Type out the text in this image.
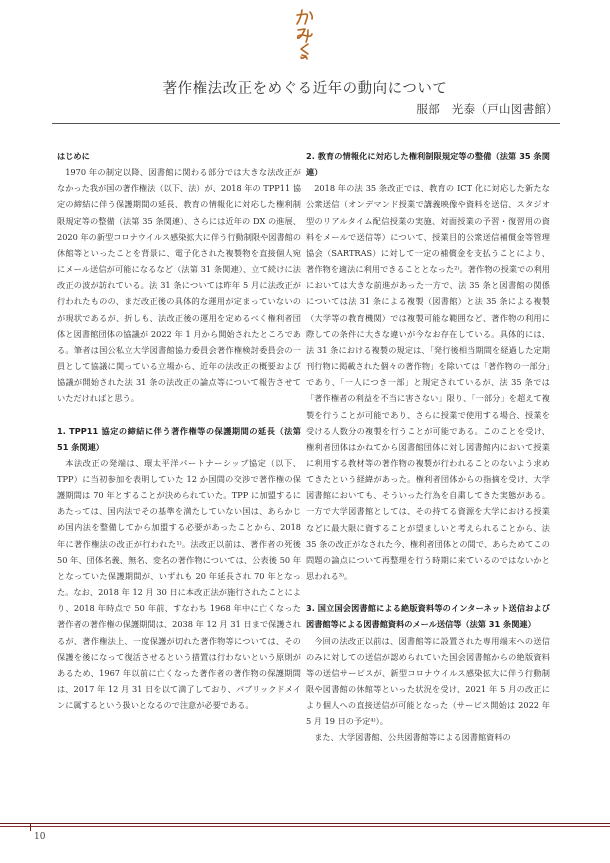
著作権法改正をめぐる近年の動向について
服部　光泰（戸山図書館）
はじめに

1970 年の制定以降、図書館に関わる部分では大きな法改正がなかった我が国の著作権法（以下、法）が、2018 年の TPP11 協定の締結に伴う保護期間の延長、教育の情報化に対応した権利制限規定等の整備（法第 35 条関連）、さらには近年の DX の進展、2020 年の新型コロナウイルス感染拡大に伴う行動制限や図書館の休館等といったことを背景に、電子化された複製物を直接個人宛にメール送信が可能になるなど（法第 31 条関連）、立て続けに法改正の波が訪れている。法 31 条については昨年 5 月に法改正が行われたものの、まだ改正後の具体的な運用が定まっていないのが現状であるが、折しも、法改正後の運用を定めるべく権利者団体と図書館団体の協議が 2022 年 1 月から開始されたところである。筆者は国公私立大学図書館協力委員会著作権検討委員会の一員として協議に関っている立場から、近年の法改正の概要および協議が開始された法 31 条の法改正の論点等について報告させていただければと思う。

1. TPP11 協定の締結に伴う著作権等の保護期間の延長（法第 51 条関連）

本法改正の発端は、環太平洋パートナーシップ協定（以下、TPP）に当初参加を表明していた 12 か国間の交渉で著作権の保護期間は 70 年とすることが決められていた。TPP に加盟するにあたっては、国内法でその基準を満たしていない国は、あらかじめ国内法を整備してから加盟する必要があったことから、2018 年に著作権法の改正が行われた¹⁾。法改正以前は、著作者の死後 50 年、団体名義、無名、変名の著作物については、公表後 50 年となっていた保護期間が、いずれも 20 年延長され 70 年となった。なお、2018 年 12 月 30 日に本改正法が施行されたことにより、2018 年時点で 50 年前、すなわち 1968 年中に亡くなった著作者の著作権の保護期間は、2038 年 12 月 31 日まで保護されるが、著作権法上、一度保護が切れた著作物等については、その保護を後になって復活させるという措置は行わないという原則があるため、1967 年以前に亡くなった著作者の著作物の保護期間は、2017 年 12 月 31 日を以て満了しており、パブリックドメインに属するという扱いとなるので注意が必要である。

2. 教育の情報化に対応した権利制限規定等の整備（法第 35 条関連）

2018 年の法 35 条改正では、教育の ICT 化に対応した新たな公衆送信（オンデマンド授業で講義映像や資料を送信、スタジオ型のリアルタイム配信授業の実施、対面授業の予習・復習用の資料をメールで送信等）について、授業目的公衆送信補償金等管理協会（SARTRAS）に対して一定の補償金を支払うことにより、著作物を適法に利用できることとなった²⁾。著作物の授業での利用においては大きな前進があった一方で、法 35 条と図書館の関係については法 31 条による複製（図書館）と法 35 条による複製（大学等の教育機関）では複製可能な範囲など、著作物の利用に際しての条件に大きな違いが今なお存在している。具体的には、法 31 条における複製の規定は、「発行後相当期間を経過した定期刊行物に掲載された個々の著作物」を除いては「著作物の一部分」であり、「一人につき一部」と規定されているが、法 35 条では「著作権者の利益を不当に害さない」限り、「一部分」を超えて複製を行うことが可能であり、さらに授業で使用する場合、授業を受ける人数分の複製を行うことが可能である。このことを受け、権利者団体はかねてから図書館団体に対し図書館内において授業に利用する教材等の著作物の複製が行われることのないよう求めてきたという経緯があった。権利者団体からの指摘を受け、大学図書館においても、そういった行為を自粛してきた実態がある。一方で大学図書館としては、その持てる資源を大学における授業などに最大限に資することが望ましいと考えられることから、法 35 条の改正がなされた今、権利者団体との間で、あらためてこの問題の論点について再整理を行う時期に来ているのではないかと思われる³⁾。

3. 国立国会図書館による絶版資料等のインターネット送信および図書館等による図書館資料のメール送信等（法第 31 条関連）

今回の法改正以前は、図書館等に設置された専用端末への送信のみに対しての送信が認められていた国会図書館からの絶版資料等の送信サービスが、新型コロナウイルス感染拡大に伴う行動制限や図書館の休館等といった状況を受け、2021 年 5 月の改正により個人への直接送信が可能となった（サービス開始は 2022 年 5 月 19 日の予定⁴⁾）。

また、大学図書館、公共図書館等による図書館資料の

10
